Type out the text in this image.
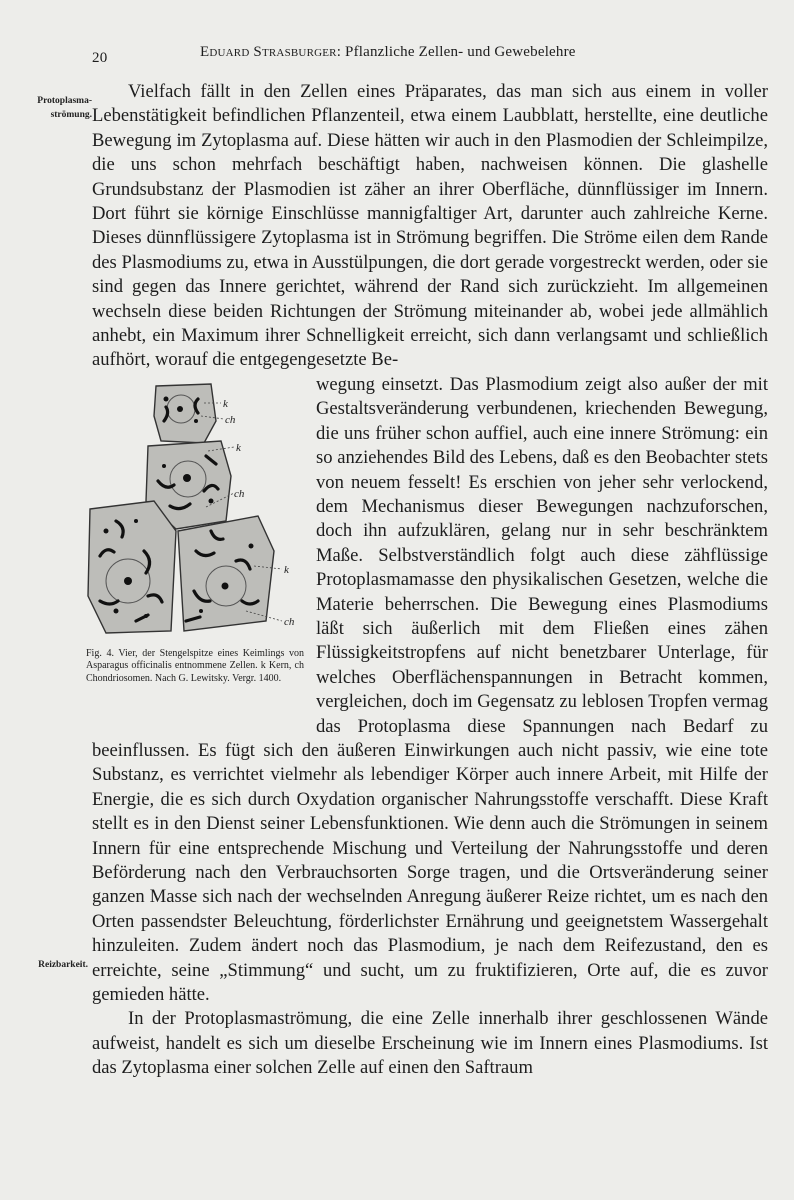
20	Eduard Strasburger: Pflanzliche Zellen- und Gewebelehre
Protoplasma-
strömung.
Reizbarkeit.

Vielfach fällt in den Zellen eines Präparates, das man sich aus einem in voller Lebenstätigkeit befindlichen Pflanzenteil, etwa einem Laubblatt, herstellte, eine deutliche Bewegung im Zytoplasma auf. Diese hätten wir auch in den Plasmodien der Schleimpilze, die uns schon mehrfach beschäftigt haben, nachweisen können. Die glashelle Grundsubstanz der Plasmodien ist zäher an ihrer Oberfläche, dünnflüssiger im Innern. Dort führt sie körnige Einschlüsse mannigfaltiger Art, darunter auch zahlreiche Kerne. Dieses dünnflüssigere Zytoplasma ist in Strömung begriffen. Die Ströme eilen dem Rande des Plasmodiums zu, etwa in Ausstülpungen, die dort gerade vorgestreckt werden, oder sie sind gegen das Innere gerichtet, während der Rand sich zurückzieht. Im allgemeinen wechseln diese beiden Richtungen der Strömung miteinander ab, wobei jede allmählich anhebt, ein Maximum ihrer Schnelligkeit erreicht, sich dann verlangsamt und schließlich aufhört, worauf die entgegengesetzte Be-

k
ch
k
ch
k
ch
Fig. 4. Vier, der Stengelspitze eines Keimlings von Asparagus officinalis entnommene Zellen. k Kern, ch Chondriosomen. Nach G. Lewitsky. Vergr. 1400.

wegung einsetzt. Das Plasmodium zeigt also außer der mit Gestaltsveränderung verbundenen, kriechenden Bewegung, die uns früher schon auffiel, auch eine innere Strömung: ein so anziehendes Bild des Lebens, daß es den Beobachter stets von neuem fesselt! Es erschien von jeher sehr verlockend, dem Mechanismus dieser Bewegungen nachzuforschen, doch ihn aufzuklären, gelang nur in sehr beschränktem Maße. Selbstverständlich folgt auch diese zähflüssige Protoplasmamasse den physikalischen Gesetzen, welche die Materie beherrschen. Die Bewegung eines Plasmodiums läßt sich äußerlich mit dem Fließen eines zähen Flüssigkeitstropfens auf nicht benetzbarer Unterlage, für welches Oberflächenspannungen in Betracht kommen, vergleichen, doch im Gegensatz zu leblosen Tropfen vermag das Protoplasma diese Spannungen nach Bedarf zu beeinflussen. Es fügt sich den äußeren Einwirkungen auch nicht passiv, wie eine tote Substanz, es verrichtet vielmehr als lebendiger Körper auch innere Arbeit, mit Hilfe der Energie, die es sich durch Oxydation organischer Nahrungsstoffe verschafft. Diese Kraft stellt es in den Dienst seiner Lebensfunktionen. Wie denn auch die Strömungen in seinem Innern für eine entsprechende Mischung und Verteilung der Nahrungsstoffe und deren Beförderung nach den Verbrauchsorten Sorge tragen, und die Ortsveränderung seiner ganzen Masse sich nach der wechselnden Anregung äußerer Reize richtet, um es nach den Orten passendster Beleuchtung, förderlichster Ernährung und geeignetstem Wassergehalt hinzuleiten. Zudem ändert noch das Plasmodium, je nach dem Reifezustand, den es erreichte, seine „Stimmung“ und sucht, um zu fruktifizieren, Orte auf, die es zuvor gemieden hätte.

In der Protoplasmaströmung, die eine Zelle innerhalb ihrer geschlossenen Wände aufweist, handelt es sich um dieselbe Erscheinung wie im Innern eines Plasmodiums. Ist das Zytoplasma einer solchen Zelle auf einen den Saftraum
